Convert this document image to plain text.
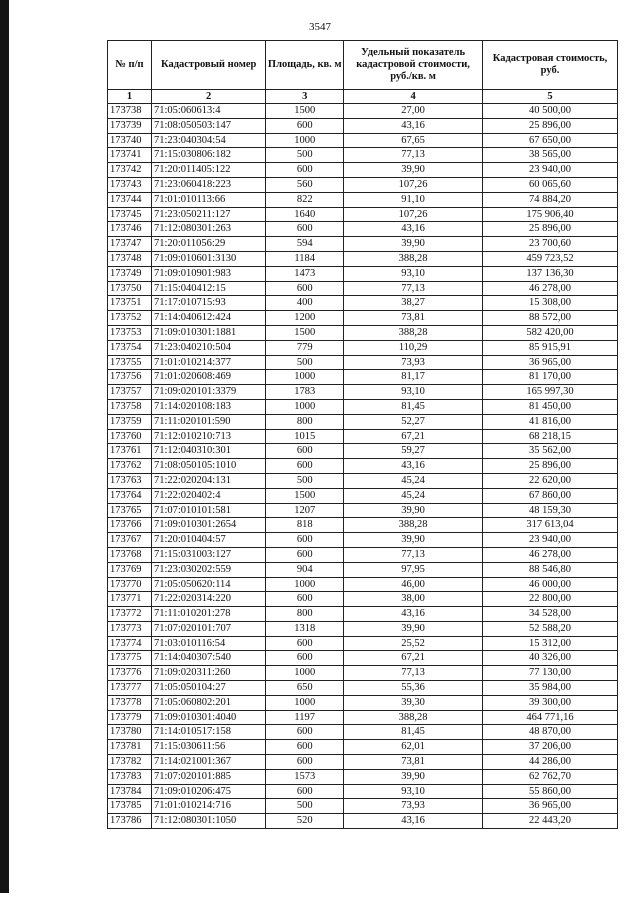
3547
№ п/п	Кадастровый номер	Площадь, кв. м	Удельный показатель кадастровой стоимости, руб./кв. м	Кадастровая стоимость, руб.
1	2	3	4	5
173738	71:05:060613:4	1500	27,00	40 500,00
173739	71:08:050503:147	600	43,16	25 896,00
173740	71:23:040304:54	1000	67,65	67 650,00
173741	71:15:030806:182	500	77,13	38 565,00
173742	71:20:011405:122	600	39,90	23 940,00
173743	71:23:060418:223	560	107,26	60 065,60
173744	71:01:010113:66	822	91,10	74 884,20
173745	71:23:050211:127	1640	107,26	175 906,40
173746	71:12:080301:263	600	43,16	25 896,00
173747	71:20:011056:29	594	39,90	23 700,60
173748	71:09:010601:3130	1184	388,28	459 723,52
173749	71:09:010901:983	1473	93,10	137 136,30
173750	71:15:040412:15	600	77,13	46 278,00
173751	71:17:010715:93	400	38,27	15 308,00
173752	71:14:040612:424	1200	73,81	88 572,00
173753	71:09:010301:1881	1500	388,28	582 420,00
173754	71:23:040210:504	779	110,29	85 915,91
173755	71:01:010214:377	500	73,93	36 965,00
173756	71:01:020608:469	1000	81,17	81 170,00
173757	71:09:020101:3379	1783	93,10	165 997,30
173758	71:14:020108:183	1000	81,45	81 450,00
173759	71:11:020101:590	800	52,27	41 816,00
173760	71:12:010210:713	1015	67,21	68 218,15
173761	71:12:040310:301	600	59,27	35 562,00
173762	71:08:050105:1010	600	43,16	25 896,00
173763	71:22:020204:131	500	45,24	22 620,00
173764	71:22:020402:4	1500	45,24	67 860,00
173765	71:07:010101:581	1207	39,90	48 159,30
173766	71:09:010301:2654	818	388,28	317 613,04
173767	71:20:010404:57	600	39,90	23 940,00
173768	71:15:031003:127	600	77,13	46 278,00
173769	71:23:030202:559	904	97,95	88 546,80
173770	71:05:050620:114	1000	46,00	46 000,00
173771	71:22:020314:220	600	38,00	22 800,00
173772	71:11:010201:278	800	43,16	34 528,00
173773	71:07:020101:707	1318	39,90	52 588,20
173774	71:03:010116:54	600	25,52	15 312,00
173775	71:14:040307:540	600	67,21	40 326,00
173776	71:09:020311:260	1000	77,13	77 130,00
173777	71:05:050104:27	650	55,36	35 984,00
173778	71:05:060802:201	1000	39,30	39 300,00
173779	71:09:010301:4040	1197	388,28	464 771,16
173780	71:14:010517:158	600	81,45	48 870,00
173781	71:15:030611:56	600	62,01	37 206,00
173782	71:14:021001:367	600	73,81	44 286,00
173783	71:07:020101:885	1573	39,90	62 762,70
173784	71:09:010206:475	600	93,10	55 860,00
173785	71:01:010214:716	500	73,93	36 965,00
173786	71:12:080301:1050	520	43,16	22 443,20
